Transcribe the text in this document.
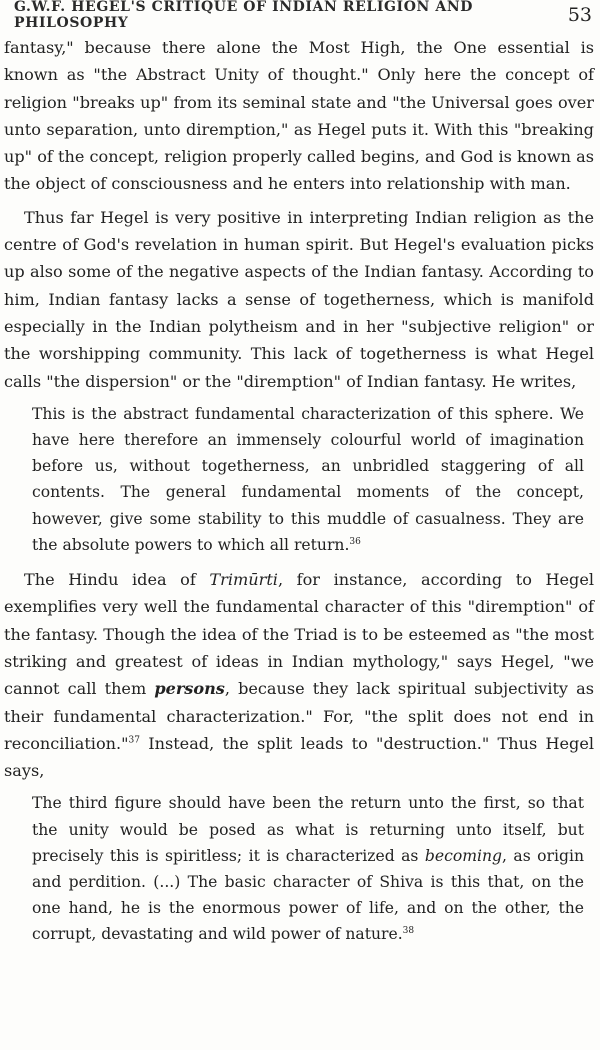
G.W.F. HEGEL'S CRITIQUE OF INDIAN RELIGION AND PHILOSOPHY	53

fantasy," because there alone the Most High, the One essential is known as "the Abstract Unity of thought." Only here the concept of religion "breaks up" from its seminal state and "the Universal goes over unto separation, unto diremption," as Hegel puts it. With this "breaking up" of the concept, religion properly called begins, and God is known as the object of consciousness and he enters into relationship with man.

Thus far Hegel is very positive in interpreting Indian religion as the centre of God's revelation in human spirit. But Hegel's evaluation picks up also some of the negative aspects of the Indian fantasy. According to him, Indian fantasy lacks a sense of togetherness, which is manifold especially in the Indian polytheism and in her "subjective religion" or the worshipping community. This lack of togetherness is what Hegel calls "the dispersion" or the "diremption" of Indian fantasy. He writes,

This is the abstract fundamental characterization of this sphere. We have here therefore an immensely colourful world of imagination before us, without togetherness, an unbridled staggering of all contents. The general fundamental moments of the concept, however, give some stability to this muddle of casualness. They are the absolute powers to which all return.$^{36}$

The Hindu idea of Trimūrti, for instance, according to Hegel exemplifies very well the fundamental character of this "diremption" of the fantasy. Though the idea of the Triad is to be esteemed as "the most striking and greatest of ideas in Indian mythology," says Hegel, "we cannot call them persons, because they lack spiritual subjectivity as their fundamental characterization." For, "the split does not end in reconciliation."$^{37}$ Instead, the split leads to "destruction." Thus Hegel says,

The third figure should have been the return unto the first, so that the unity would be posed as what is returning unto itself, but precisely this is spiritless; it is characterized as becoming, as origin and perdition. (...) The basic character of Shiva is this that, on the one hand, he is the enormous power of life, and on the other, the corrupt, devastating and wild power of nature.$^{38}$
